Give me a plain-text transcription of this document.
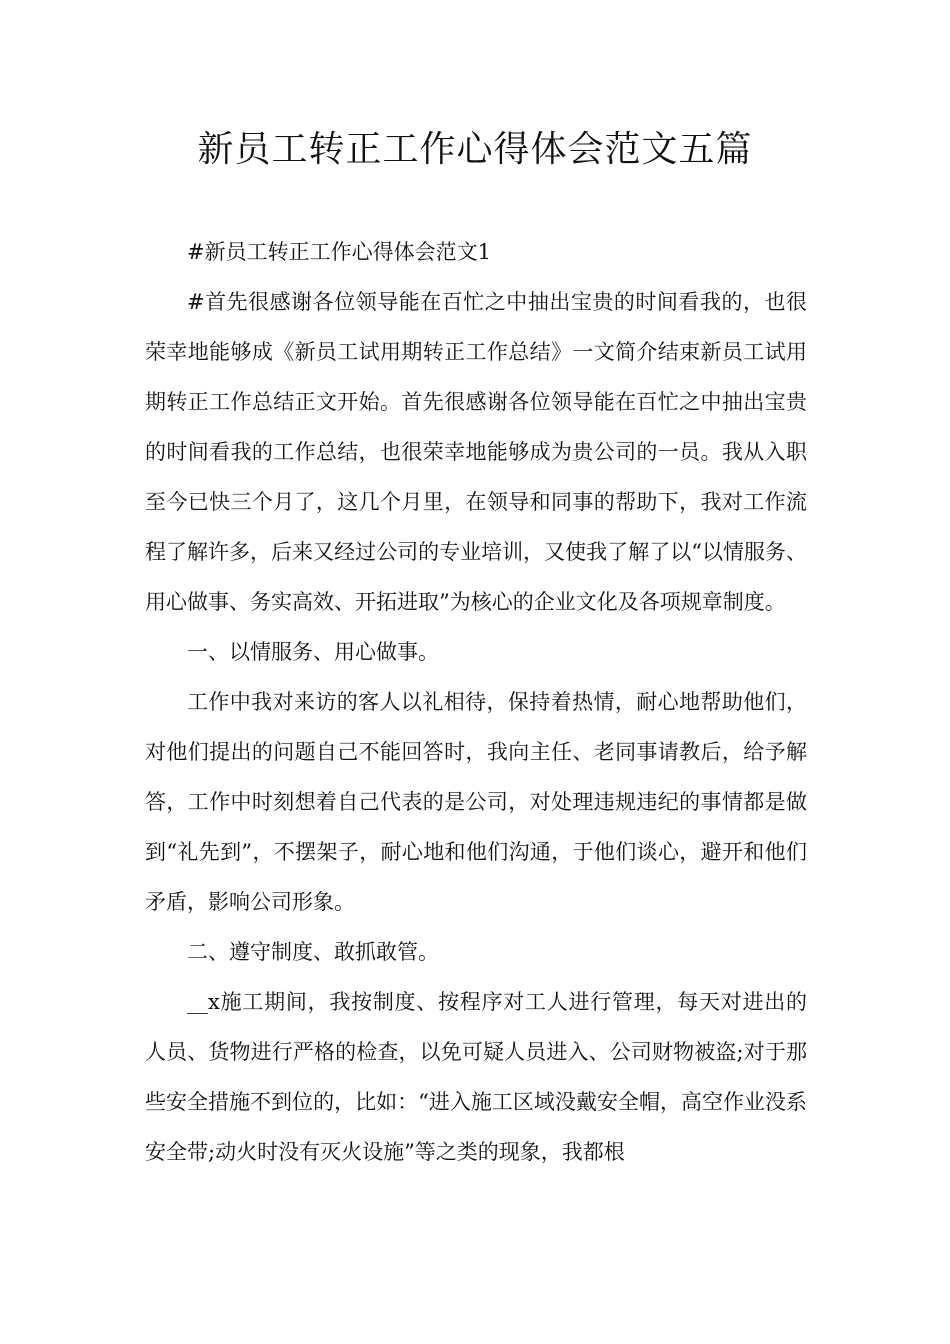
新员工转正工作心得体会范文五篇

#新员工转正工作心得体会范文1

#首先很感谢各位领导能在百忙之中抽出宝贵的时间看我的，也很荣幸地能够成《新员工试用期转正工作总结》一文简介结束新员工试用期转正工作总结正文开始。首先很感谢各位领导能在百忙之中抽出宝贵的时间看我的工作总结，也很荣幸地能够成为贵公司的一员。我从入职至今已快三个月了，这几个月里，在领导和同事的帮助下，我对工作流程了解许多，后来又经过公司的专业培训，又使我了解了以“以情服务、用心做事、务实高效、开拓进取”为核心的企业文化及各项规章制度。

一、以情服务、用心做事。

工作中我对来访的客人以礼相待，保持着热情，耐心地帮助他们，对他们提出的问题自己不能回答时，我向主任、老同事请教后，给予解答，工作中时刻想着自己代表的是公司，对处理违规违纪的事情都是做到“礼先到”，不摆架子，耐心地和他们沟通，于他们谈心，避开和他们矛盾，影响公司形象。

二、遵守制度、敢抓敢管。

__x施工期间，我按制度、按程序对工人进行管理，每天对进出的人员、货物进行严格的检查，以免可疑人员进入、公司财物被盗;对于那些安全措施不到位的，比如：“进入施工区域没戴安全帽，高空作业没系安全带;动火时没有灭火设施”等之类的现象，我都根
